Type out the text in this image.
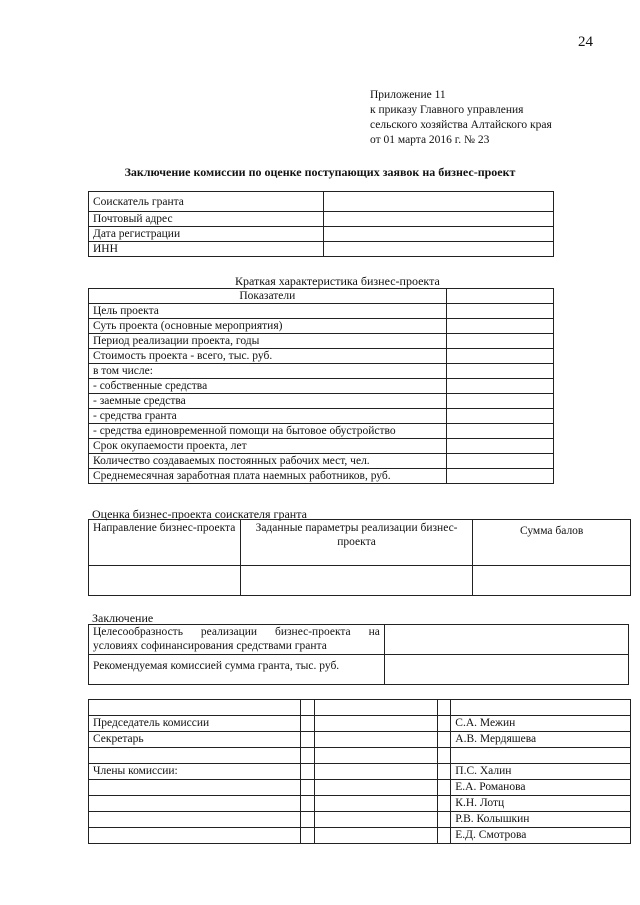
24
Приложение 11
к приказу Главного управления
сельского хозяйства Алтайского края
от 01 марта 2016 г. № 23
Заключение комиссии по оценке поступающих заявок на бизнес-проект
Соискатель гранта	
Почтовый адрес	
Дата регистрации	
ИНН	
Краткая характеристика бизнес-проекта
Показатели	
Цель проекта	
Суть проекта (основные мероприятия)	
Период реализации проекта, годы	
Стоимость проекта - всего, тыс. руб.	
в том числе:	
- собственные средства	
- заемные средства	
- средства гранта	
- средства единовременной помощи на бытовое обустройство	
Срок окупаемости проекта, лет	
Количество создаваемых постоянных рабочих мест, чел.	
Среднемесячная заработная плата наемных работников, руб.	
Оценка бизнес-проекта соискателя гранта
Направление бизнес-проекта	Заданные параметры реализации бизнес-проекта	Сумма балов

Заключение
Целесообразность реализации бизнес-проекта на условиях софинансирования средствами гранта	
Рекомендуемая комиссией сумма гранта, тыс. руб.	

Председатель комиссии				С.А. Межин
Секретарь				А.В. Мердяшева

Члены комиссии:				П.С. Халин
				Е.А. Романова
				К.Н. Лотц
				Р.В. Колышкин
				Е.Д. Смотрова
